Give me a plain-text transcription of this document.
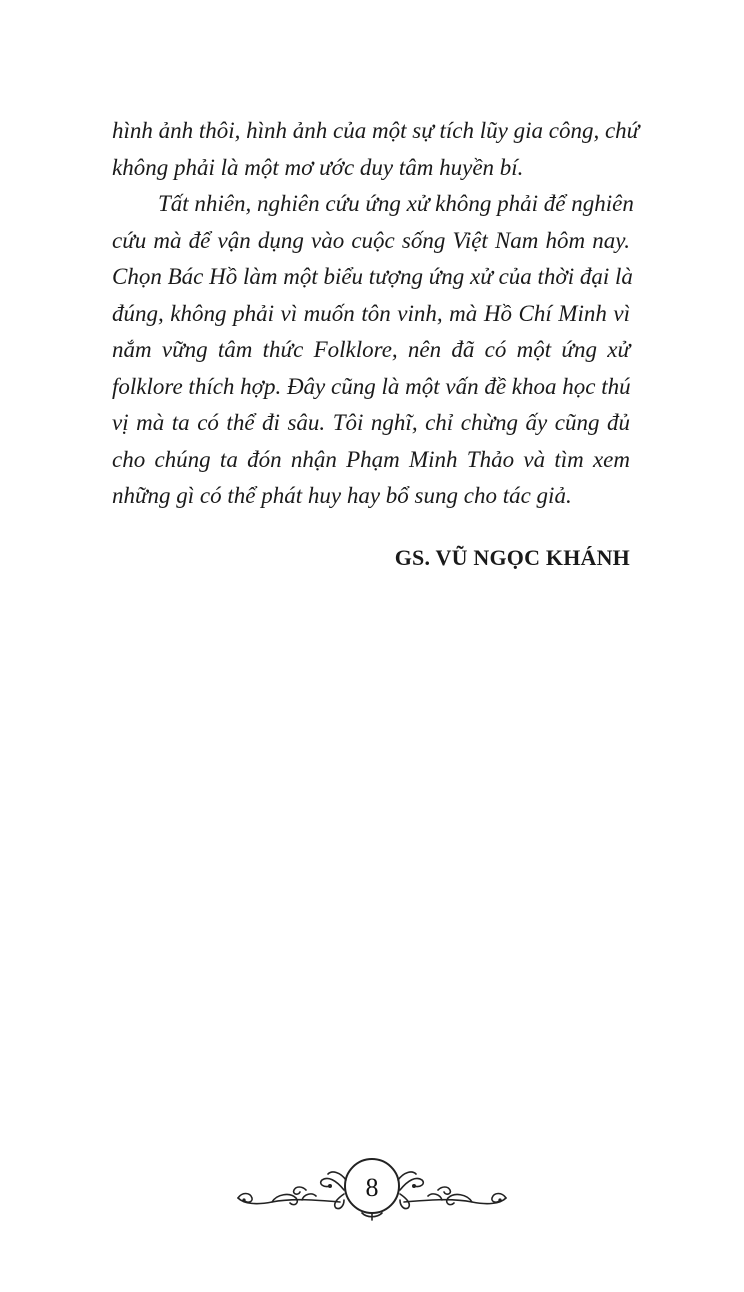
hình ảnh thôi, hình ảnh của một sự tích lũy gia công, chứ
không phải là một mơ ước duy tâm huyền bí.

Tất nhiên, nghiên cứu ứng xử không phải để nghiên
cứu mà để vận dụng vào cuộc sống Việt Nam hôm nay.
Chọn Bác Hồ làm một biểu tượng ứng xử của thời đại là
đúng, không phải vì muốn tôn vinh, mà Hồ Chí Minh vì
nắm vững tâm thức Folklore, nên đã có một ứng xử
folklore thích hợp. Đây cũng là một vấn đề khoa học thú
vị mà ta có thể đi sâu. Tôi nghĩ, chỉ chừng ấy cũng đủ
cho chúng ta đón nhận Phạm Minh Thảo và tìm xem
những gì có thể phát huy hay bổ sung cho tác giả.

GS. VŨ NGỌC KHÁNH
8
